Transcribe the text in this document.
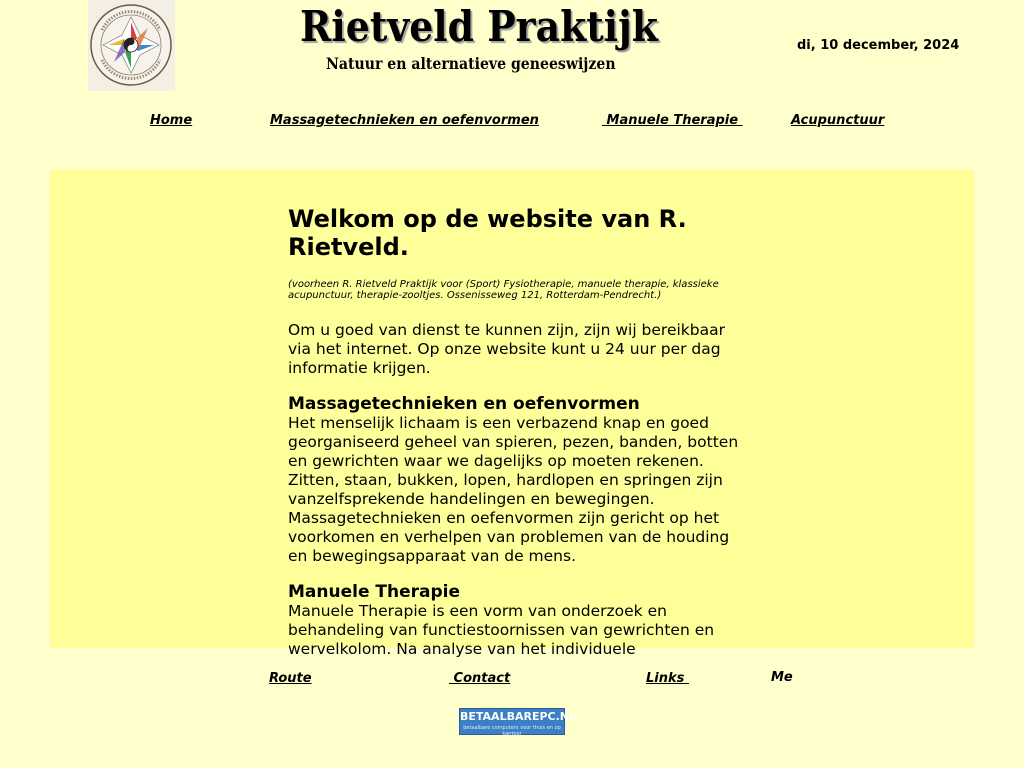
Rietveld Praktijk
Natuur en alternatieve geneeswijzen
di, 10 december, 2024
Home	Massagetechnieken en oefenvormen	Manuele Therapie	Acupunctuur
Welkom op de website van R. Rietveld.
(voorheen R. Rietveld Praktijk voor (Sport) Fysiotherapie, manuele therapie, klassieke acupunctuur, therapie-zooltjes. Ossenisseweg 121, Rotterdam-Pendrecht.)

Om u goed van dienst te kunnen zijn, zijn wij bereikbaar via het internet. Op onze website kunt u 24 uur per dag informatie krijgen.

Massagetechnieken en oefenvormen

Het menselijk lichaam is een verbazend knap en goed georganiseerd geheel van spieren, pezen, banden, botten en gewrichten waar we dagelijks op moeten rekenen. Zitten, staan, bukken, lopen, hardlopen en springen zijn vanzelfsprekende handelingen en bewegingen. Massagetechnieken en oefenvormen zijn gericht op het voorkomen en verhelpen van problemen van de houding en bewegingsapparaat van de mens.

Manuele Therapie

Manuele Therapie is een vorm van onderzoek en behandeling van functiestoornissen van gewrichten en wervelkolom. Na analyse van het individuele

Route	Contact	Links	Me
BETAALBAREPC.NL
betaalbare computers voor thuis en op kantoor
